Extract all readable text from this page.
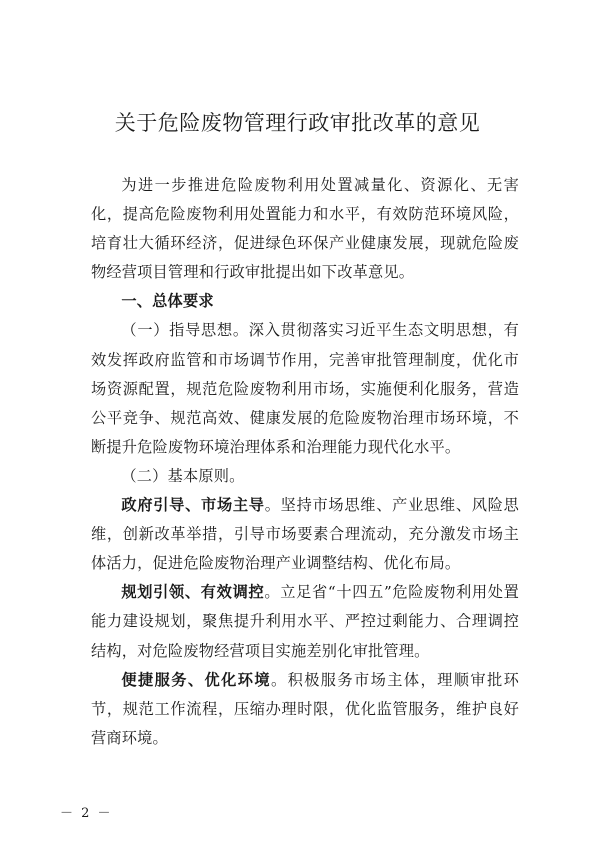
关于危险废物管理行政审批改革的意见

为进一步推进危险废物利用处置减量化、资源化、无害化，提高危险废物利用处置能力和水平，有效防范环境风险，培育壮大循环经济，促进绿色环保产业健康发展，现就危险废物经营项目管理和行政审批提出如下改革意见。

一、总体要求

（一）指导思想。深入贯彻落实习近平生态文明思想，有效发挥政府监管和市场调节作用，完善审批管理制度，优化市场资源配置，规范危险废物利用市场，实施便利化服务，营造公平竞争、规范高效、健康发展的危险废物治理市场环境，不断提升危险废物环境治理体系和治理能力现代化水平。

（二）基本原则。

政府引导、市场主导。坚持市场思维、产业思维、风险思维，创新改革举措，引导市场要素合理流动，充分激发市场主体活力，促进危险废物治理产业调整结构、优化布局。

规划引领、有效调控。立足省“十四五”危险废物利用处置能力建设规划，聚焦提升利用水平、严控过剩能力、合理调控结构，对危险废物经营项目实施差别化审批管理。

便捷服务、优化环境。积极服务市场主体，理顺审批环节，规范工作流程，压缩办理时限，优化监管服务，维护良好营商环境。

－ 2 －
